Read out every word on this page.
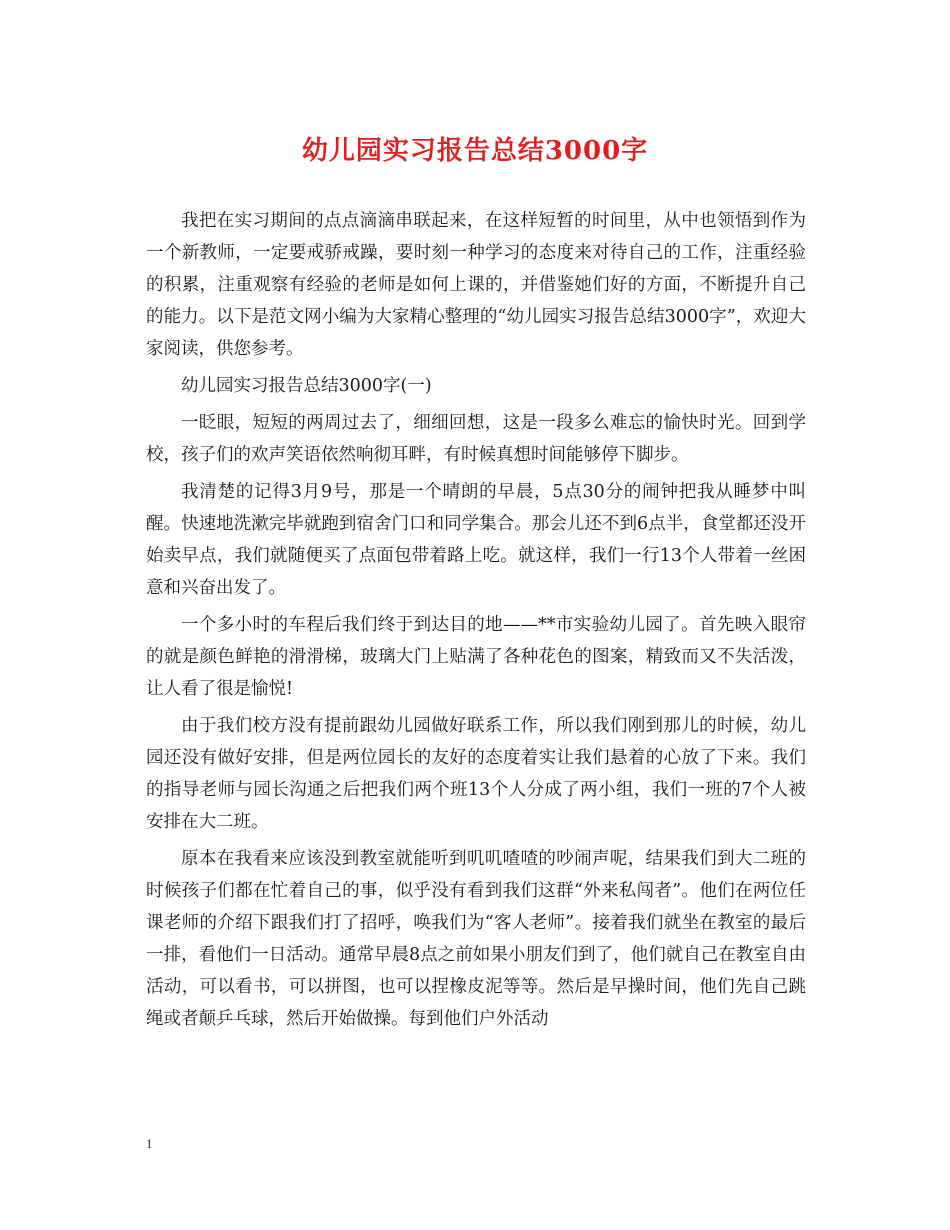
幼儿园实习报告总结3000字

我把在实习期间的点点滴滴串联起来，在这样短暂的时间里，从中也领悟到作为一个新教师，一定要戒骄戒躁，要时刻一种学习的态度来对待自己的工作，注重经验的积累，注重观察有经验的老师是如何上课的，并借鉴她们好的方面，不断提升自己的能力。以下是范文网小编为大家精心整理的“幼儿园实习报告总结3000字”，欢迎大家阅读，供您参考。

幼儿园实习报告总结3000字(一)

一眨眼，短短的两周过去了，细细回想，这是一段多么难忘的愉快时光。回到学校，孩子们的欢声笑语依然响彻耳畔，有时候真想时间能够停下脚步。

我清楚的记得3月9号，那是一个晴朗的早晨，5点30分的闹钟把我从睡梦中叫醒。快速地洗漱完毕就跑到宿舍门口和同学集合。那会儿还不到6点半，食堂都还没开始卖早点，我们就随便买了点面包带着路上吃。就这样，我们一行13个人带着一丝困意和兴奋出发了。

一个多小时的车程后我们终于到达目的地——**市实验幼儿园了。首先映入眼帘的就是颜色鲜艳的滑滑梯，玻璃大门上贴满了各种花色的图案，精致而又不失活泼，让人看了很是愉悦!

由于我们校方没有提前跟幼儿园做好联系工作，所以我们刚到那儿的时候，幼儿园还没有做好安排，但是两位园长的友好的态度着实让我们悬着的心放了下来。我们的指导老师与园长沟通之后把我们两个班13个人分成了两小组，我们一班的7个人被安排在大二班。

原本在我看来应该没到教室就能听到叽叽喳喳的吵闹声呢，结果我们到大二班的时候孩子们都在忙着自己的事，似乎没有看到我们这群“外来私闯者”。他们在两位任课老师的介绍下跟我们打了招呼，唤我们为“客人老师”。接着我们就坐在教室的最后一排，看他们一日活动。通常早晨8点之前如果小朋友们到了，他们就自己在教室自由活动，可以看书，可以拼图，也可以捏橡皮泥等等。然后是早操时间，他们先自己跳绳或者颠乒乓球，然后开始做操。每到他们户外活动

1
